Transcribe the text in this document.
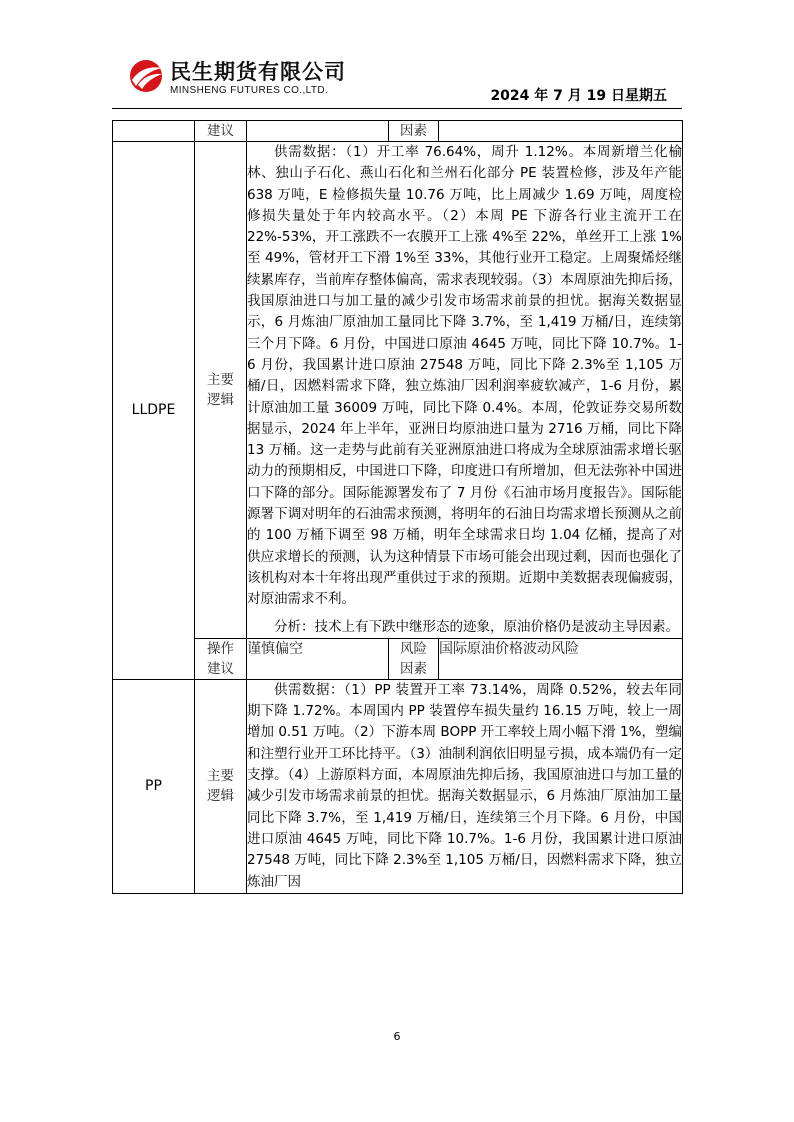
民生期货有限公司
MINSHENG FUTURES CO.,LTD.	2024 年 7 月 19 日星期五
	建议		因素	
LLDPE	主要逻辑	供需数据：（1）开工率 76.64%，周升 1.12%。本周新增兰化榆林、独山子石化、燕山石化和兰州石化部分 PE 装置检修，涉及年产能 638 万吨，E 检修损失量 10.76 万吨，比上周减少 1.69 万吨，周度检修损失量处于年内较高水平。（2）本周 PE 下游各行业主流开工在 22%-53%，开工涨跌不一农膜开工上涨 4%至 22%，单丝开工上涨 1%至 49%，管材开工下滑 1%至 33%，其他行业开工稳定。上周聚烯烃继续累库存，当前库存整体偏高，需求表现较弱。（3）本周原油先抑后扬，我国原油进口与加工量的减少引发市场需求前景的担忧。据海关数据显示，6 月炼油厂原油加工量同比下降 3.7%，至 1,419 万桶/日，连续第三个月下降。6 月份，中国进口原油 4645 万吨，同比下降 10.7%。1-6 月份，我国累计进口原油 27548 万吨，同比下降 2.3%至 1,105 万桶/日，因燃料需求下降，独立炼油厂因利润率疲软减产，1-6 月份，累计原油加工量 36009 万吨，同比下降 0.4%。本周，伦敦证券交易所数据显示，2024 年上半年，亚洲日均原油进口量为 2716 万桶，同比下降 13 万桶。这一走势与此前有关亚洲原油进口将成为全球原油需求增长驱动力的预期相反，中国进口下降，印度进口有所增加，但无法弥补中国进口下降的部分。国际能源署发布了 7 月份《石油市场月度报告》。国际能源署下调对明年的石油需求预测，将明年的石油日均需求增长预测从之前的 100 万桶下调至 98 万桶，明年全球需求日均 1.04 亿桶，提高了对供应求增长的预测，认为这种情景下市场可能会出现过剩，因而也强化了该机构对本十年将出现严重供过于求的预期。近期中美数据表现偏疲弱，对原油需求不利。

分析：技术上有下跌中继形态的迹象，原油价格仍是波动主导因素。		

	操作建议	谨慎偏空	风险因素	国际原油价格波动风险
PP	主要逻辑	供需数据：（1）PP 装置开工率 73.14%，周降 0.52%，较去年同期下降 1.72%。本周国内 PP 装置停车损失量约 16.15 万吨，较上一周增加 0.51 万吨。（2）下游本周 BOPP 开工率较上周小幅下滑 1%，塑编和注塑行业开工环比持平。（3）油制利润依旧明显亏损，成本端仍有一定支撑。（4）上游原料方面，本周原油先抑后扬，我国原油进口与加工量的减少引发市场需求前景的担忧。据海关数据显示，6 月炼油厂原油加工量同比下降 3.7%，至 1,419 万桶/日，连续第三个月下降。6 月份，中国进口原油 4645 万吨，同比下降 10.7%。1-6 月份，我国累计进口原油 27548 万吨，同比下降 2.3%至 1,105 万桶/日，因燃料需求下降，独立炼油厂因		

6
